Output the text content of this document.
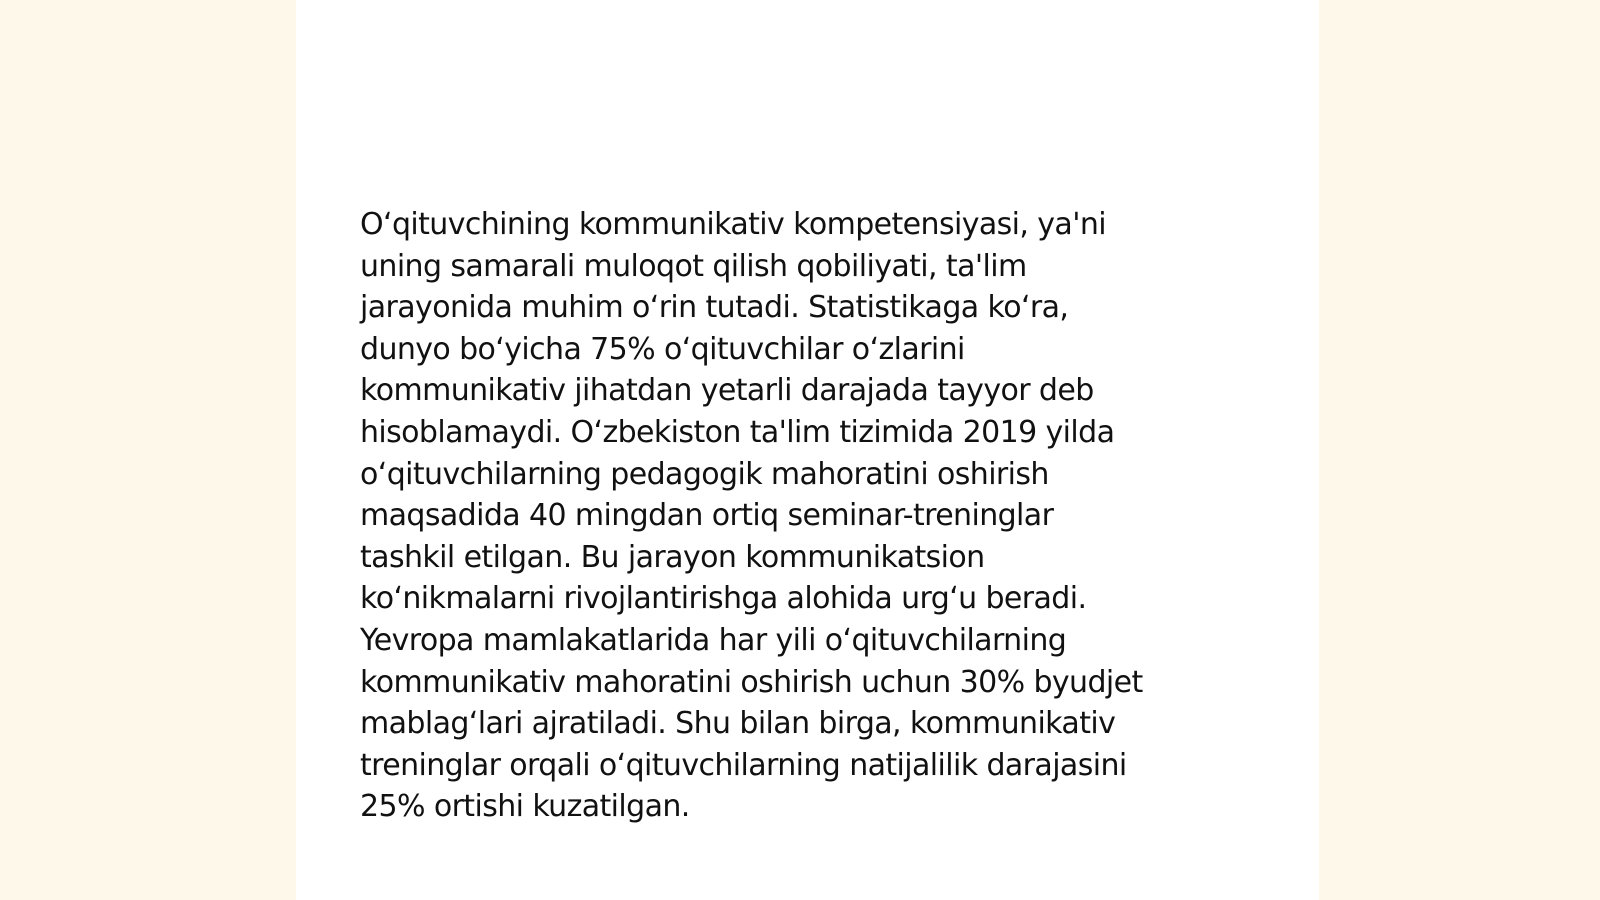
O‘qituvchining kommunikativ kompetensiyasi, ya'ni
uning samarali muloqot qilish qobiliyati, ta'lim
jarayonida muhim o‘rin tutadi. Statistikaga ko‘ra,
dunyo bo‘yicha 75% o‘qituvchilar o‘zlarini
kommunikativ jihatdan yetarli darajada tayyor deb
hisoblamaydi. O‘zbekiston ta'lim tizimida 2019 yilda
o‘qituvchilarning pedagogik mahoratini oshirish
maqsadida 40 mingdan ortiq seminar-treninglar
tashkil etilgan. Bu jarayon kommunikatsion
ko‘nikmalarni rivojlantirishga alohida urg‘u beradi.
Yevropa mamlakatlarida har yili o‘qituvchilarning
kommunikativ mahoratini oshirish uchun 30% byudjet
mablag‘lari ajratiladi. Shu bilan birga, kommunikativ
treninglar orqali o‘qituvchilarning natijalilik darajasini
25% ortishi kuzatilgan.
